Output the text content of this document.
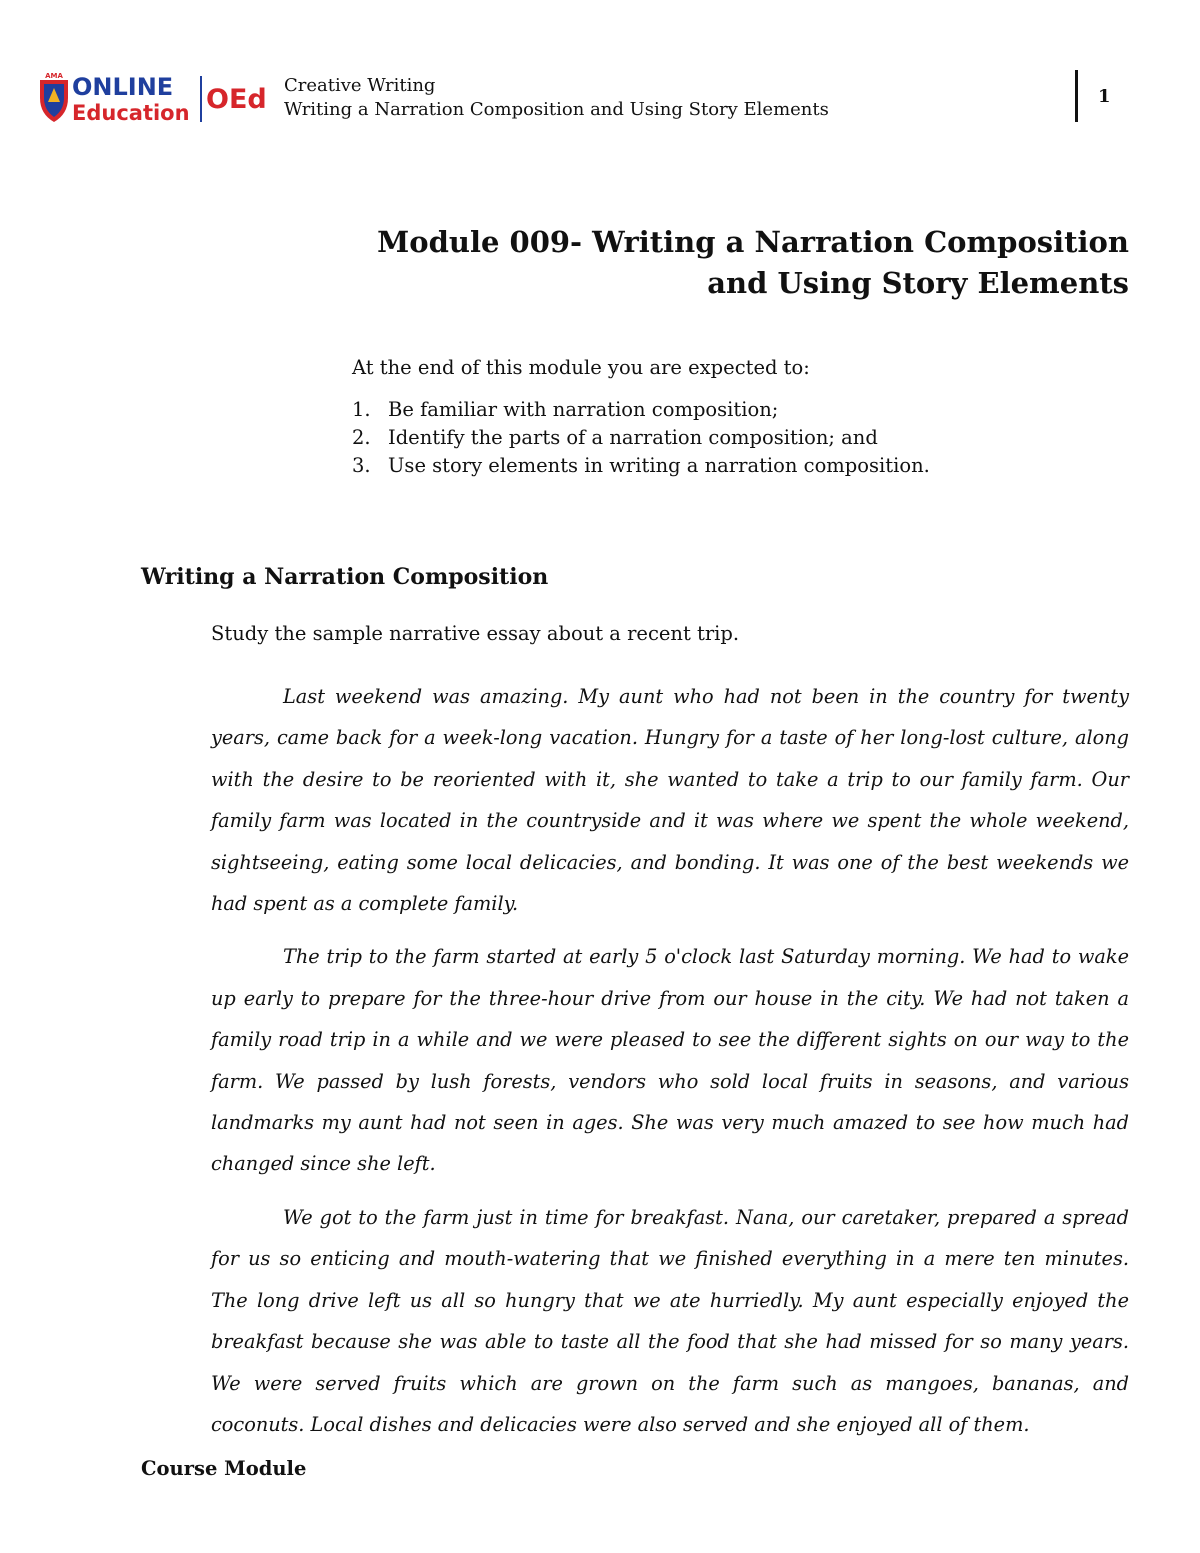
AMA ONLINE
Education OEd Creative Writing
Writing a Narration Composition and Using Story Elements
1
Module 009- Writing a Narration Composition
and Using Story Elements
At the end of this module you are expected to:
1. Be familiar with narration composition;
2. Identify the parts of a narration composition; and
3. Use story elements in writing a narration composition.
Writing a Narration Composition
Study the sample narrative essay about a recent trip.

Last weekend was amazing. My aunt who had not been in the country for twenty years, came back for a week-long vacation. Hungry for a taste of her long-lost culture, along with the desire to be reoriented with it, she wanted to take a trip to our family farm. Our family farm was located in the countryside and it was where we spent the whole weekend, sightseeing, eating some local delicacies, and bonding. It was one of the best weekends we had spent as a complete family.

The trip to the farm started at early 5 o'clock last Saturday morning. We had to wake up early to prepare for the three-hour drive from our house in the city. We had not taken a family road trip in a while and we were pleased to see the different sights on our way to the farm. We passed by lush forests, vendors who sold local fruits in seasons, and various landmarks my aunt had not seen in ages. She was very much amazed to see how much had changed since she left.

We got to the farm just in time for breakfast. Nana, our caretaker, prepared a spread for us so enticing and mouth-watering that we finished everything in a mere ten minutes. The long drive left us all so hungry that we ate hurriedly. My aunt especially enjoyed the breakfast because she was able to taste all the food that she had missed for so many years. We were served fruits which are grown on the farm such as mangoes, bananas, and coconuts. Local dishes and delicacies were also served and she enjoyed all of them.

Course Module
